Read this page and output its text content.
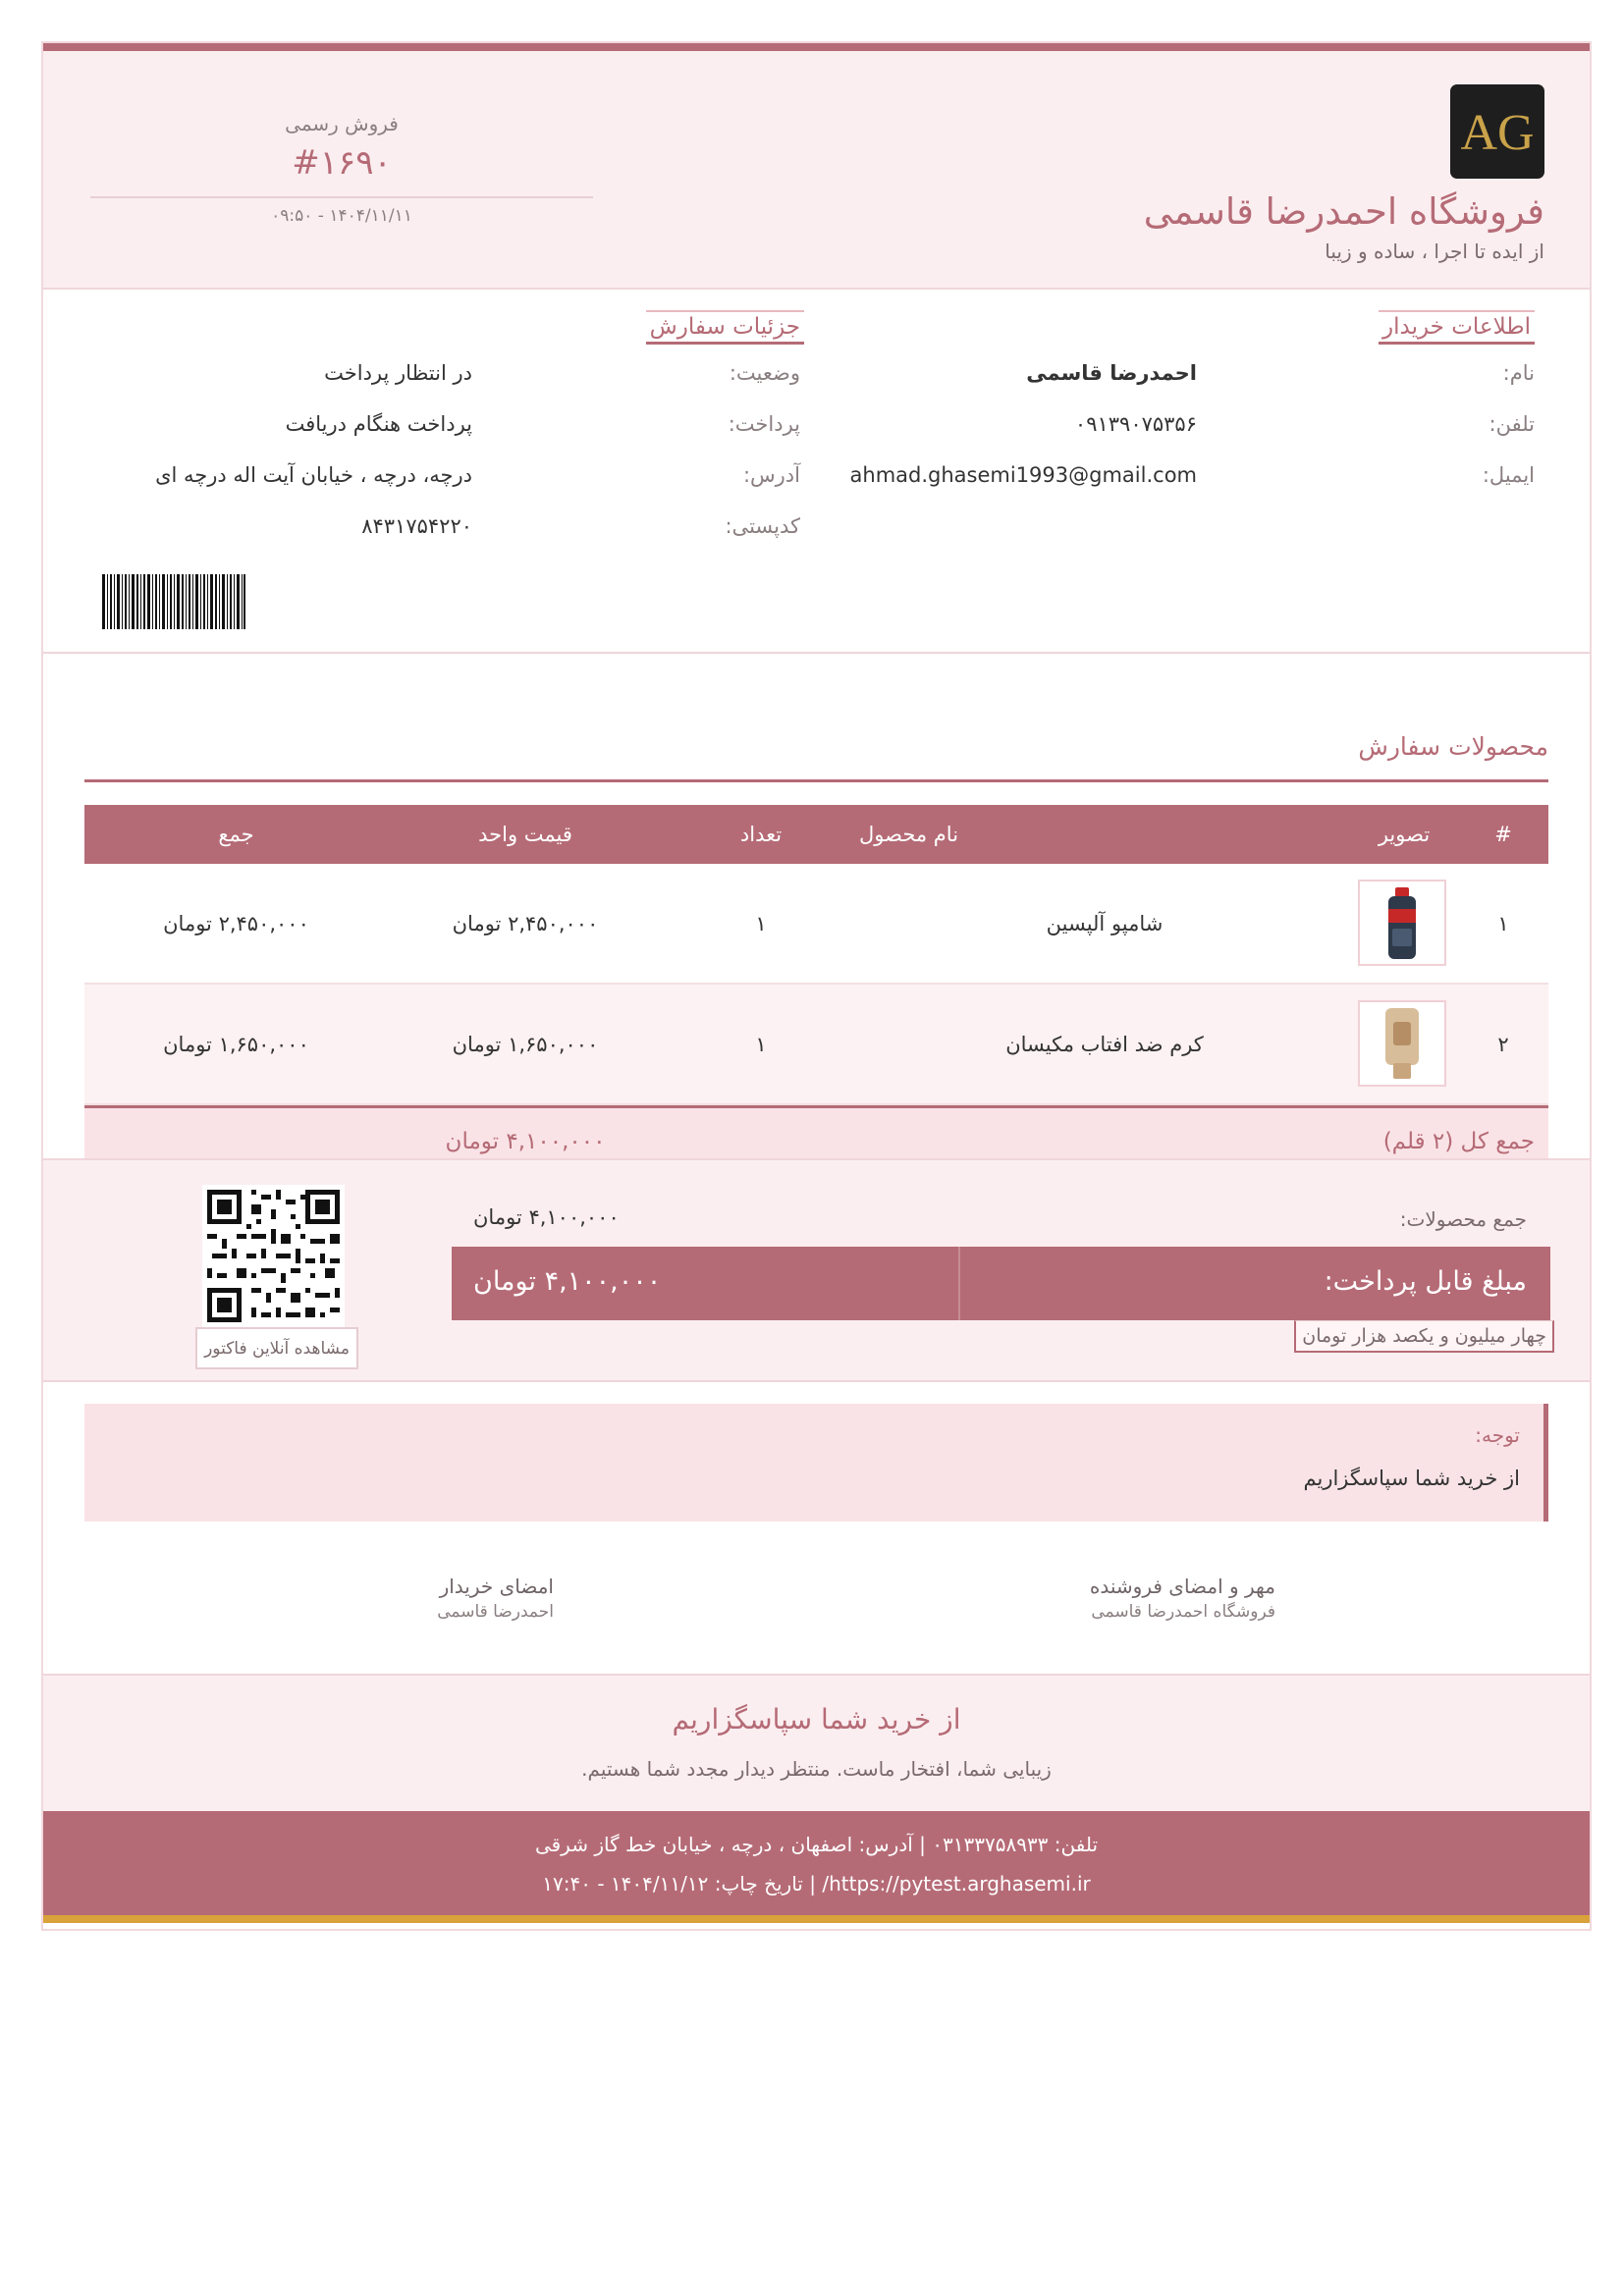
AG
فروشگاه احمدرضا قاسمی
از ایده تا اجرا ، ساده و زیبا
فروش رسمی
#۱۶۹۰
۰۹:۵۰ - ۱۴۰۴/۱۱/۱۱
اطلاعات خریدار
نام:
احمدرضا قاسمی
تلفن:
۰۹۱۳۹۰۷۵۳۵۶
ایمیل:
ahmad.ghasemi1993@gmail.com
جزئیات سفارش
وضعیت:
در انتظار پرداخت
پرداخت:
پرداخت هنگام دریافت
آدرس:
درچه، درچه ، خیابان آیت اله درچه ای
کدپستی:
۸۴۳۱۷۵۴۲۲۰
محصولات سفارش
#
تصویر
نام محصول
تعداد
قیمت واحد
جمع
۱
شامپو آلپسین
۱
۲,۴۵۰,۰۰۰ تومان
۲,۴۵۰,۰۰۰ تومان
۲
کرم ضد افتاب مکیسان
۱
۱,۶۵۰,۰۰۰ تومان
۱,۶۵۰,۰۰۰ تومان
جمع کل (۲ قلم)
۴,۱۰۰,۰۰۰ تومان
مشاهده آنلاین فاکتور
جمع محصولات:
۴,۱۰۰,۰۰۰ تومان
مبلغ قابل پرداخت:
۴,۱۰۰,۰۰۰ تومان
چهار میلیون و یکصد هزار تومان
توجه:
از خرید شما سپاسگزاریم
مهر و امضای فروشنده
فروشگاه احمدرضا قاسمی
امضای خریدار
احمدرضا قاسمی
از خرید شما سپاسگزاریم
زیبایی شما، افتخار ماست. منتظر دیدار مجدد شما هستیم.
تلفن: ۰۳۱۳۳۷۵۸۹۳۳ | آدرس: اصفهان ، درچه ، خیابان خط گاز شرقی
https://pytest.arghasemi.ir/ | تاریخ چاپ: ۱۴۰۴/۱۱/۱۲ - ۱۷:۴۰
